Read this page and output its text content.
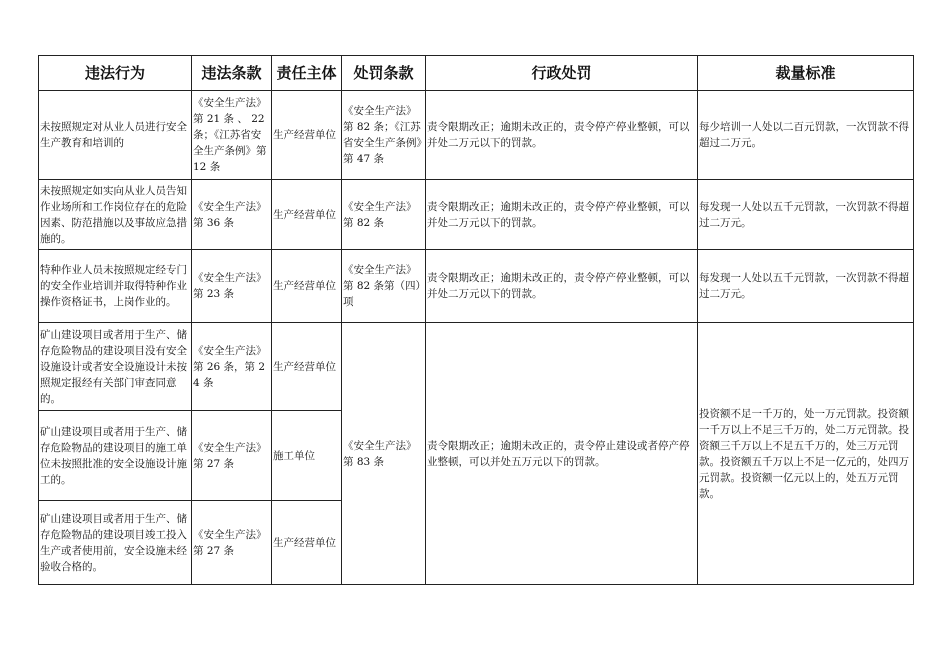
违法行为	违法条款	责任主体	处罚条款	行政处罚	裁量标准
未按照规定对从业人员进行安全生产教育和培训的	《安全生产法》第 21 条 、 22 条；《江苏省安全生产条例》第 12 条	生产经营单位	《安全生产法》第 82 条；《江苏省安全生产条例》第 47 条	责令限期改正；逾期未改正的，责令停产停业整顿，可以并处二万元以下的罚款。	每少培训一人处以二百元罚款，一次罚款不得超过二万元。
未按照规定如实向从业人员告知作业场所和工作岗位存在的危险因素、防范措施以及事故应急措施的。	《安全生产法》第 36 条	生产经营单位	《安全生产法》第 82 条	责令限期改正；逾期未改正的，责令停产停业整顿，可以并处二万元以下的罚款。	每发现一人处以五千元罚款，一次罚款不得超过二万元。
特种作业人员未按照规定经专门的安全作业培训并取得特种作业操作资格证书，上岗作业的。	《安全生产法》第 23 条	生产经营单位	《安全生产法》第 82 条第（四）项	责令限期改正；逾期未改正的，责令停产停业整顿，可以并处二万元以下的罚款。	每发现一人处以五千元罚款，一次罚款不得超过二万元。
矿山建设项目或者用于生产、储存危险物品的建设项目没有安全设施设计或者安全设施设计未按照规定报经有关部门审查同意的。	《安全生产法》第 26 条，第 24 条	生产经营单位	《安全生产法》第 83 条	责令限期改正；逾期未改正的，责令停止建设或者停产停业整顿，可以并处五万元以下的罚款。	投资额不足一千万的，处一万元罚款。投资额一千万以上不足三千万的，处二万元罚款。投资额三千万以上不足五千万的，处三万元罚款。投资额五千万以上不足一亿元的，处四万元罚款。投资额一亿元以上的，处五万元罚款。
矿山建设项目或者用于生产、储存危险物品的建设项目的施工单位未按照批准的安全设施设计施工的。	《安全生产法》第 27 条	施工单位			
矿山建设项目或者用于生产、储存危险物品的建设项目竣工投入生产或者使用前，安全设施未经验收合格的。	《安全生产法》第 27 条	生产经营单位			
